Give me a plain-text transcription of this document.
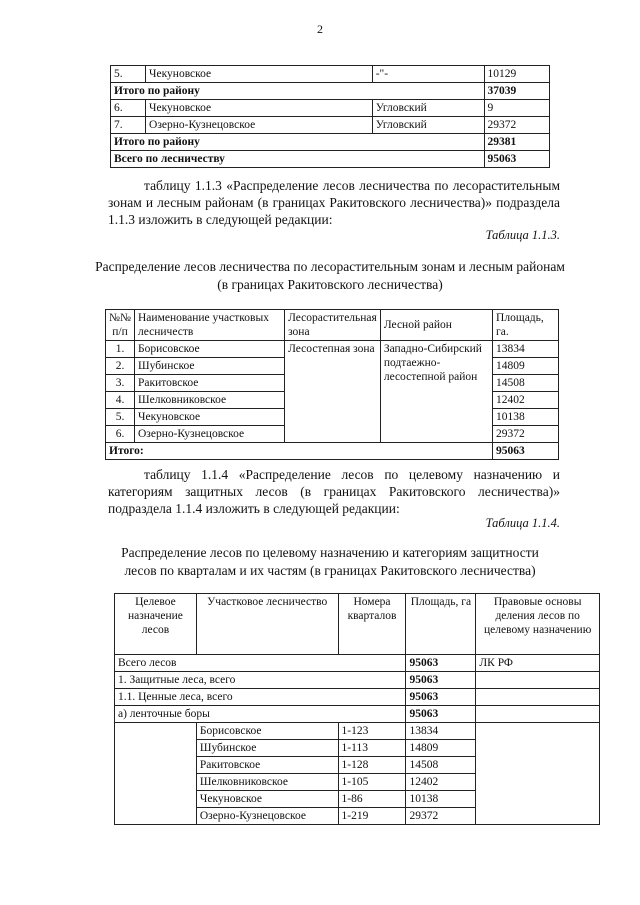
2
5.	Чекуновское	-"-	10129
Итого по району			37039
6.	Чекуновское	Угловский	9
7.	Озерно-Кузнецовское	Угловский	29372
Итого по району			29381
Всего по лесничеству			95063
таблицу 1.1.3 «Распределение лесов лесничества по лесорастительным зонам и лесным районам (в границах Ракитовского лесничества)» подраздела 1.1.3 изложить в следующей редакции:
Таблица 1.1.3.
Распределение лесов лесничества по лесорастительным зонам и лесным районам
(в границах Ракитовского лесничества)
№№ п/п	Наименование участковых лесничеств	Лесорастительная зона	Лесной район	Площадь, га.
1.	Борисовское	Лесостепная зона	Западно-Сибирский подтаежно-лесостепной район	13834
2.	Шубинское			14809
3.	Ракитовское			14508
4.	Шелковниковское			12402
5.	Чекуновское			10138
6.	Озерно-Кузнецовское			29372
Итого:				95063
таблицу 1.1.4 «Распределение лесов по целевому назначению и категориям защитных лесов (в границах Ракитовского лесничества)» подраздела 1.1.4 изложить в следующей редакции:
Таблица 1.1.4.
Распределение лесов по целевому назначению и категориям защитности
лесов по кварталам и их частям (в границах Ракитовского лесничества)
Целевое назначение лесов	Участковое лесничество	Номера кварталов	Площадь, га	Правовые основы деления лесов по целевому назначению
Всего лесов			95063	ЛК РФ
1. Защитные леса, всего			95063	
1.1. Ценные леса, всего			95063	
а) ленточные боры			95063	
	Борисовское	1-123	13834	
	Шубинское	1-113	14809	
	Ракитовское	1-128	14508	
	Шелковниковское	1-105	12402	
	Чекуновское	1-86	10138	
	Озерно-Кузнецовское	1-219	29372	
